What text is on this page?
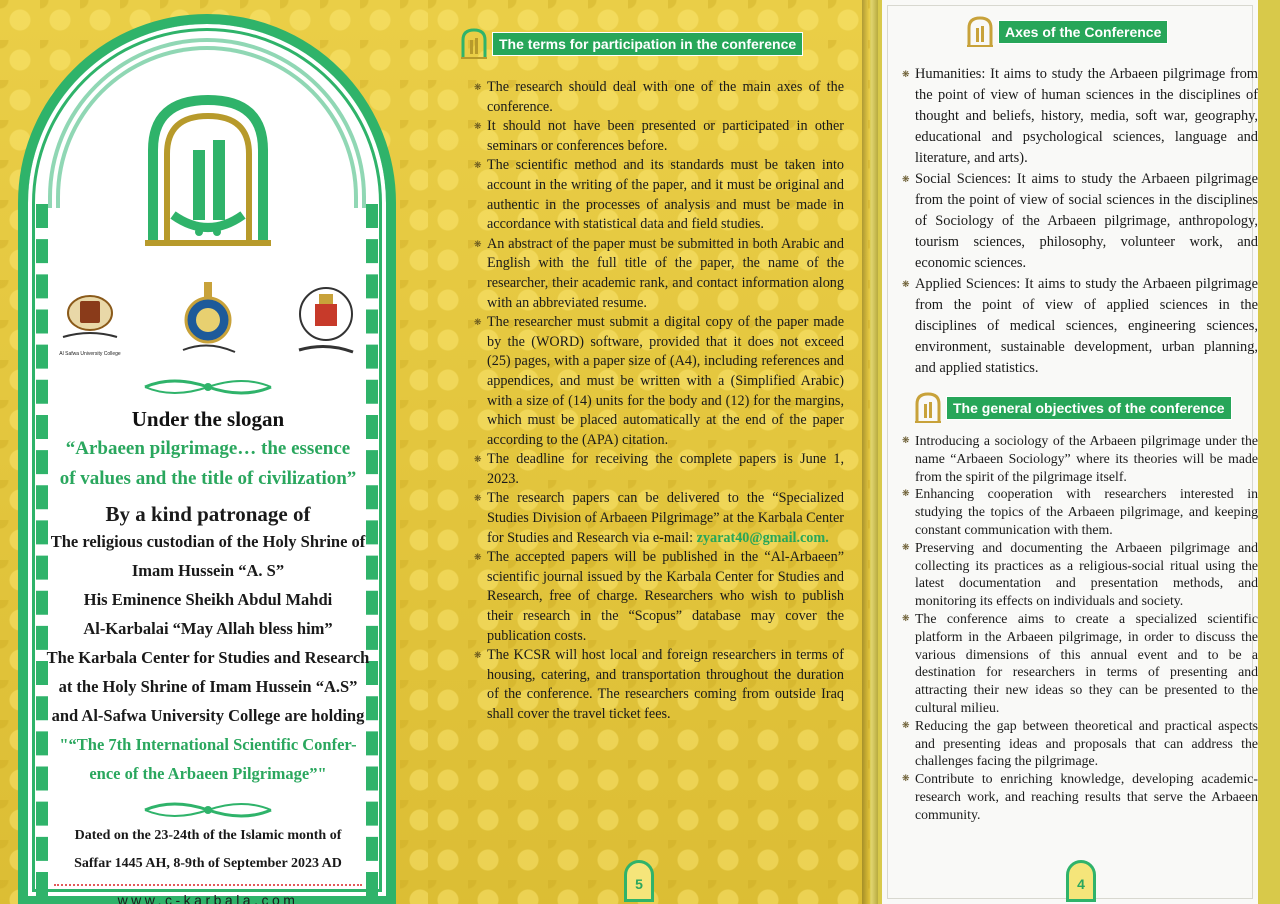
Al Safwa University College
Under the slogan
“Arbaeen pilgrimage… the essence
of values and the title of civilization”
By a kind patronage of
The religious custodian of the Holy Shrine of
Imam Hussein “A. S”
His Eminence Sheikh Abdul Mahdi
Al-Karbalai “May Allah bless him”
The Karbala Center for Studies and Research
at the Holy Shrine of Imam Hussein “A.S”
and Al-Safwa University College are holding
"“The 7th International Scientific Confer-
ence of the Arbaeen Pilgrimage”"
Dated on the 23-24th of the Islamic month of
Saffar 1445 AH, 8-9th of September 2023 AD
www.c-karbala.com
The terms for participation in the conference
❋ The research should deal with one of the main axes of the conference.
❋ It should not have been presented or participated in other seminars or conferences before.
❋ The scientific method and its standards must be taken into account in the writing of the paper, and it must be original and authentic in the processes of analysis and must be made in accordance with statistical data and field studies.
❋ An abstract of the paper must be submitted in both Arabic and English with the full title of the paper, the name of the researcher, their academic rank, and contact information along with an abbreviated resume.
❋ The researcher must submit a digital copy of the paper made by the (WORD) software, provided that it does not exceed (25) pages, with a paper size of (A4), including references and appendices, and must be written with a (Simplified Arabic) with a size of (14) units for the body and (12) for the margins, which must be placed automatically at the end of the paper according to the (APA) citation.
❋ The deadline for receiving the complete papers is June 1, 2023.
❋ The research papers can be delivered to the “Specialized Studies Division of Arbaeen Pilgrimage” at the Karbala Center for Studies and Research via e-mail: zyarat40@gmail.com.
❋ The accepted papers will be published in the “Al-Arbaeen” scientific journal issued by the Karbala Center for Studies and Research, free of charge. Researchers who wish to publish their research in the “Scopus” database may cover the publication costs.
❋ The KCSR will host local and foreign researchers in terms of housing, catering, and transportation throughout the duration of the conference. The researchers coming from outside Iraq shall cover the travel ticket fees.
5
Axes of the Conference
❋ Humanities: It aims to study the Arbaeen pilgrimage from the point of view of human sciences in the disciplines of thought and beliefs, history, media, soft war, geography, educational and psychological sciences, language and literature, and arts).
❋ Social Sciences: It aims to study the Arbaeen pilgrimage from the point of view of social sciences in the disciplines of Sociology of the Arbaeen pilgrimage, anthropology, tourism sciences, philosophy, volunteer work, and economic sciences.
❋ Applied Sciences: It aims to study the Arbaeen pilgrimage from the point of view of applied sciences in the disciplines of medical sciences, engineering sciences, environment, sustainable development, urban planning, and applied statistics.
The general objectives of the conference
❋ Introducing a sociology of the Arbaeen pilgrimage under the name “Arbaeen Sociology” where its theories will be made from the spirit of the pilgrimage itself.
❋ Enhancing cooperation with researchers interested in studying the topics of the Arbaeen pilgrimage, and keeping constant communication with them.
❋ Preserving and documenting the Arbaeen pilgrimage and collecting its practices as a religious-social ritual using the latest documentation and presentation methods, and monitoring its effects on individuals and society.
❋ The conference aims to create a specialized scientific platform in the Arbaeen pilgrimage, in order to discuss the various dimensions of this annual event and to be a destination for researchers in terms of presenting and attracting their new ideas so they can be presented to the cultural milieu.
❋ Reducing the gap between theoretical and practical aspects and presenting ideas and proposals that can address the challenges facing the pilgrimage.
❋ Contribute to enriching knowledge, developing academic-research work, and reaching results that serve the Arbaeen community.
4
